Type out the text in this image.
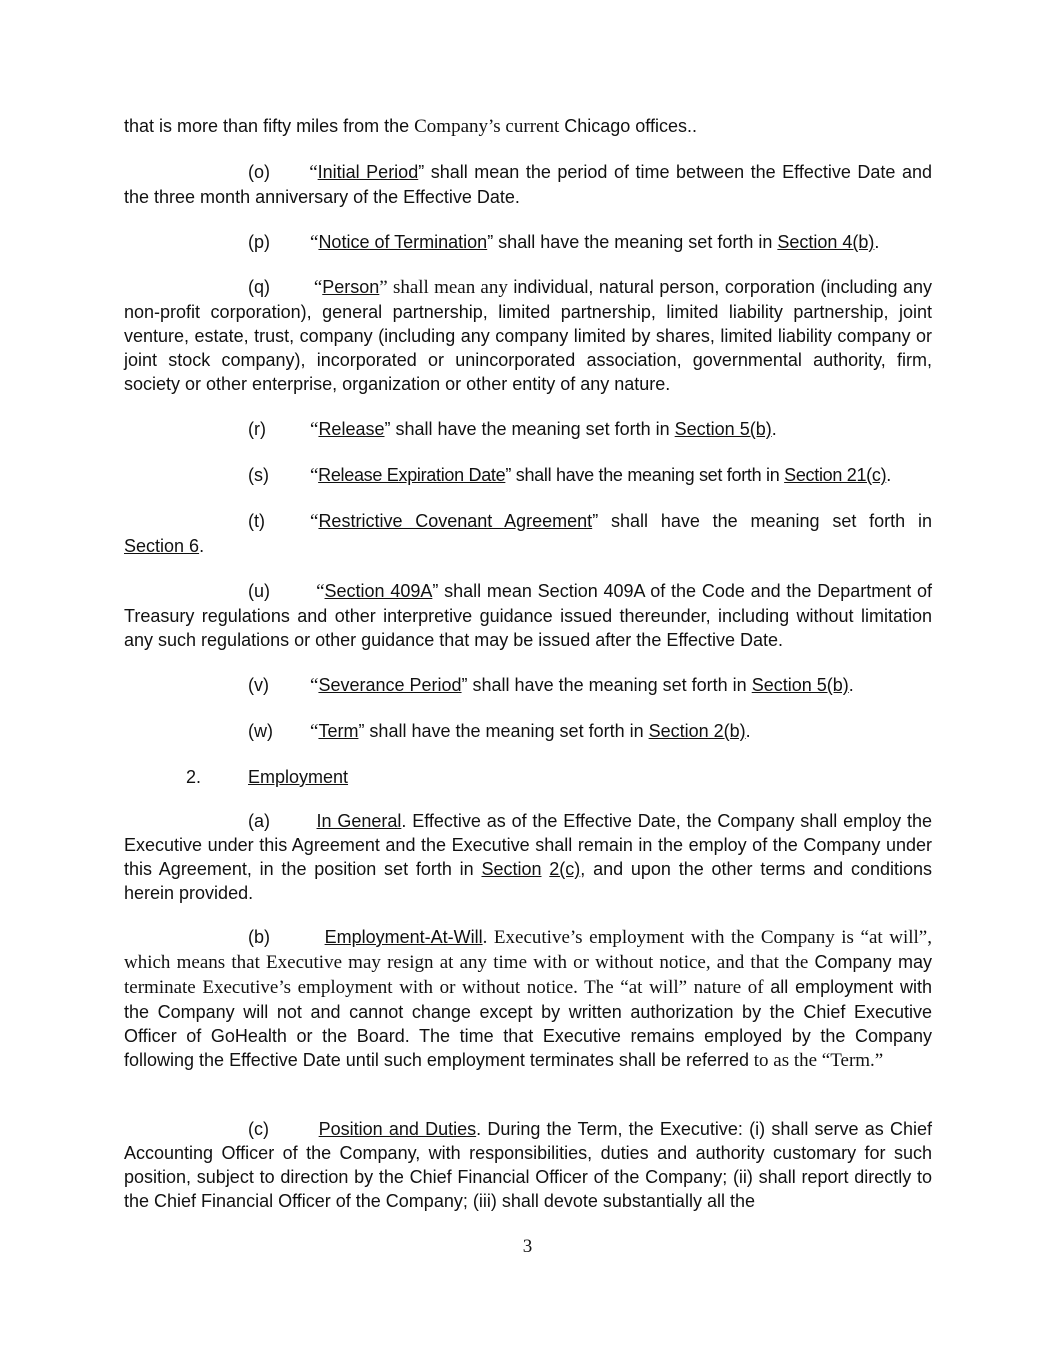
that is more than fifty miles from the Company’s current Chicago offices..

(o) “Initial Period” shall mean the period of time between the Effective Date and the three month anniversary of the Effective Date.

(p)	“Notice of Termination” shall have the meaning set forth in Section 4(b).

(q) “Person” shall mean any individual, natural person, corporation (including any non-profit corporation), general partnership, limited partnership, limited liability partnership, joint venture, estate, trust, company (including any company limited by shares, limited liability company or joint stock company), incorporated or unincorporated association, governmental authority, firm, society or other enterprise, organization or other entity of any nature.

(r)	“Release” shall have the meaning set forth in Section 5(b).
(s)	“Release Expiration Date” shall have the meaning set forth in Section 21(c).
(t)	“Restrictive Covenant Agreement” shall have the meaning set forth in
Section 6.

(u) “Section 409A” shall mean Section 409A of the Code and the Department of Treasury regulations and other interpretive guidance issued thereunder, including without limitation any such regulations or other guidance that may be issued after the Effective Date.

(v)	“Severance Period” shall have the meaning set forth in Section 5(b).
(w)	“Term” shall have the meaning set forth in Section 2(b).
2.	Employment

(a)	In General. Effective as of the Effective Date, the Company shall employ the Executive under this Agreement and the Executive shall remain in the employ of the Company under this Agreement, in the position set forth in Section 2(c), and upon the other terms and conditions herein provided.

(b)	Employment-At-Will. Executive’s employment with the Company is “at will”, which means that Executive may resign at any time with or without notice, and that the Company may terminate Executive’s employment with or without notice. The “at will” nature of all employment with the Company will not and cannot change except by written authorization by the Chief Executive Officer of GoHealth or the Board. The time that Executive remains employed by the Company following the Effective Date until such employment terminates shall be referred to as the “Term.”

(c)	Position and Duties. During the Term, the Executive: (i) shall serve as Chief Accounting Officer of the Company, with responsibilities, duties and authority customary for such position, subject to direction by the Chief Financial Officer of the Company; (ii) shall report directly to the Chief Financial Officer of the Company; (iii) shall devote substantially all the

3
